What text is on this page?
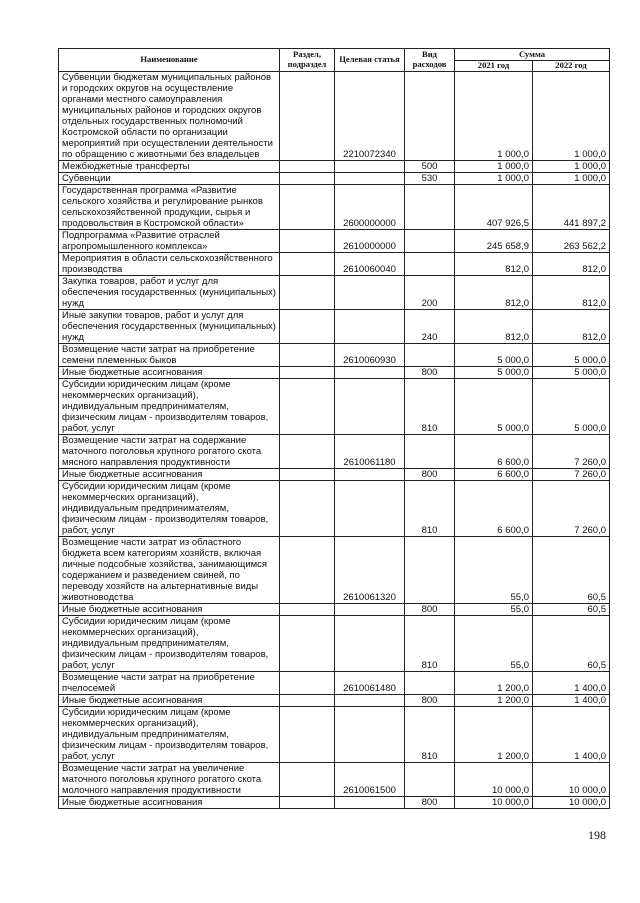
Наименование	Раздел, подраздел	Целевая статья	Вид расходов	Сумма	
				2021 год	2022 год
Субвенции бюджетам муниципальных районов и городских округов на осуществление органами местного самоуправления муниципальных районов и городских округов отдельных государственных полномочий Костромской области по организации мероприятий при осуществлении деятельности по обращению с животными без владельцев		2210072340		1 000,0	1 000,0
Межбюджетные трансферты			500	1 000,0	1 000,0
Субвенции			530	1 000,0	1 000,0
Государственная программа «Развитие сельского хозяйства и регулирование рынков сельскохозяйственной продукции, сырья и продовольствия в Костромской области»		2600000000		407 926,5	441 897,2
Подпрограмма «Развитие отраслей агропромышленного комплекса»		2610000000		245 658,9	263 562,2
Мероприятия в области сельскохозяйственного производства		2610060040		812,0	812,0
Закупка товаров, работ и услуг для обеспечения государственных (муниципальных) нужд			200	812,0	812,0
Иные закупки товаров, работ и услуг для обеспечения государственных (муниципальных) нужд			240	812,0	812,0
Возмещение части затрат на приобретение семени племенных быков		2610060930		5 000,0	5 000,0
Иные бюджетные ассигнования			800	5 000,0	5 000,0
Субсидии юридическим лицам (кроме некоммерческих организаций), индивидуальным предпринимателям, физическим лицам - производителям товаров, работ, услуг			810	5 000,0	5 000,0
Возмещение части затрат на содержание маточного поголовья крупного рогатого скота мясного направления продуктивности		2610061180		6 600,0	7 260,0
Иные бюджетные ассигнования			800	6 600,0	7 260,0
Субсидии юридическим лицам (кроме некоммерческих организаций), индивидуальным предпринимателям, физическим лицам - производителям товаров, работ, услуг			810	6 600,0	7 260,0
Возмещение части затрат из областного бюджета всем категориям хозяйств, включая личные подсобные хозяйства, занимающимся содержанием и разведением свиней, по переводу хозяйств на альтернативные виды животноводства		2610061320		55,0	60,5
Иные бюджетные ассигнования			800	55,0	60,5
Субсидии юридическим лицам (кроме некоммерческих организаций), индивидуальным предпринимателям, физическим лицам - производителям товаров, работ, услуг			810	55,0	60,5
Возмещение части затрат на приобретение пчелосемей		2610061480		1 200,0	1 400,0
Иные бюджетные ассигнования			800	1 200,0	1 400,0
Субсидии юридическим лицам (кроме некоммерческих организаций), индивидуальным предпринимателям, физическим лицам - производителям товаров, работ, услуг			810	1 200,0	1 400,0
Возмещение части затрат на увеличение маточного поголовья крупного рогатого скота молочного направления продуктивности		2610061500		10 000,0	10 000,0
Иные бюджетные ассигнования			800	10 000,0	10 000,0
198
